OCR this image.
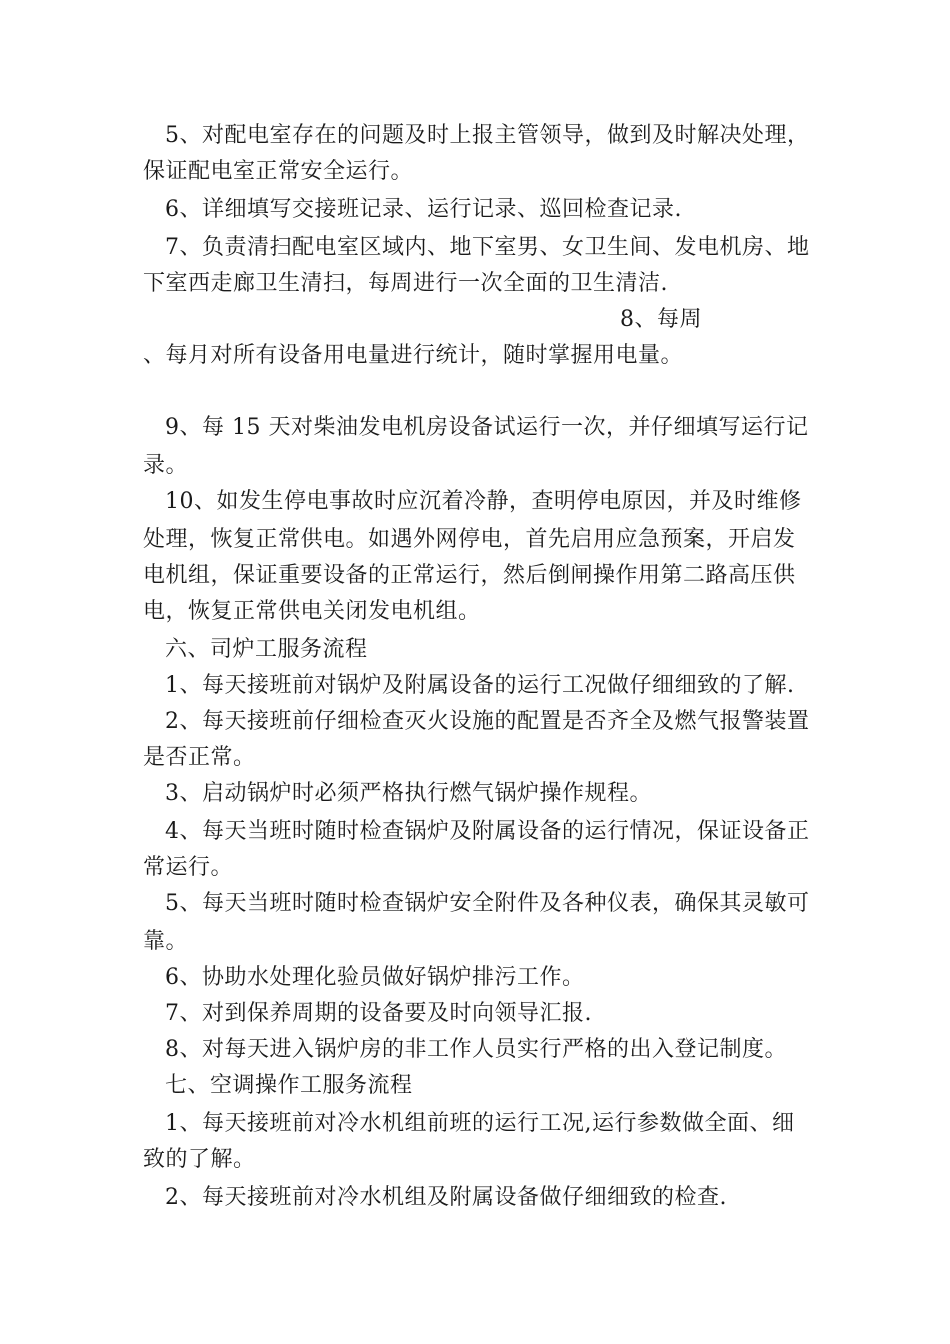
5、对配电室存在的问题及时上报主管领导，做到及时解决处理，
保证配电室正常安全运行。
6、详细填写交接班记录、运行记录、巡回检查记录.
7、负责清扫配电室区域内、地下室男、女卫生间、发电机房、地
下室西走廊卫生清扫，每周进行一次全面的卫生清洁.
8、每周
、每月对所有设备用电量进行统计，随时掌握用电量。
9、每 15 天对柴油发电机房设备试运行一次，并仔细填写运行记
录。
10、如发生停电事故时应沉着冷静，查明停电原因，并及时维修
处理，恢复正常供电。如遇外网停电，首先启用应急预案，开启发
电机组，保证重要设备的正常运行，然后倒闸操作用第二路高压供
电，恢复正常供电关闭发电机组。
六、司炉工服务流程
1、每天接班前对锅炉及附属设备的运行工况做仔细细致的了解.
2、每天接班前仔细检查灭火设施的配置是否齐全及燃气报警装置
是否正常。
3、启动锅炉时必须严格执行燃气锅炉操作规程。
4、每天当班时随时检查锅炉及附属设备的运行情况，保证设备正
常运行。
5、每天当班时随时检查锅炉安全附件及各种仪表，确保其灵敏可
靠。
6、协助水处理化验员做好锅炉排污工作。
7、对到保养周期的设备要及时向领导汇报.
8、对每天进入锅炉房的非工作人员实行严格的出入登记制度。
七、空调操作工服务流程
1、每天接班前对冷水机组前班的运行工况,运行参数做全面、细
致的了解。
2、每天接班前对冷水机组及附属设备做仔细细致的检查.
